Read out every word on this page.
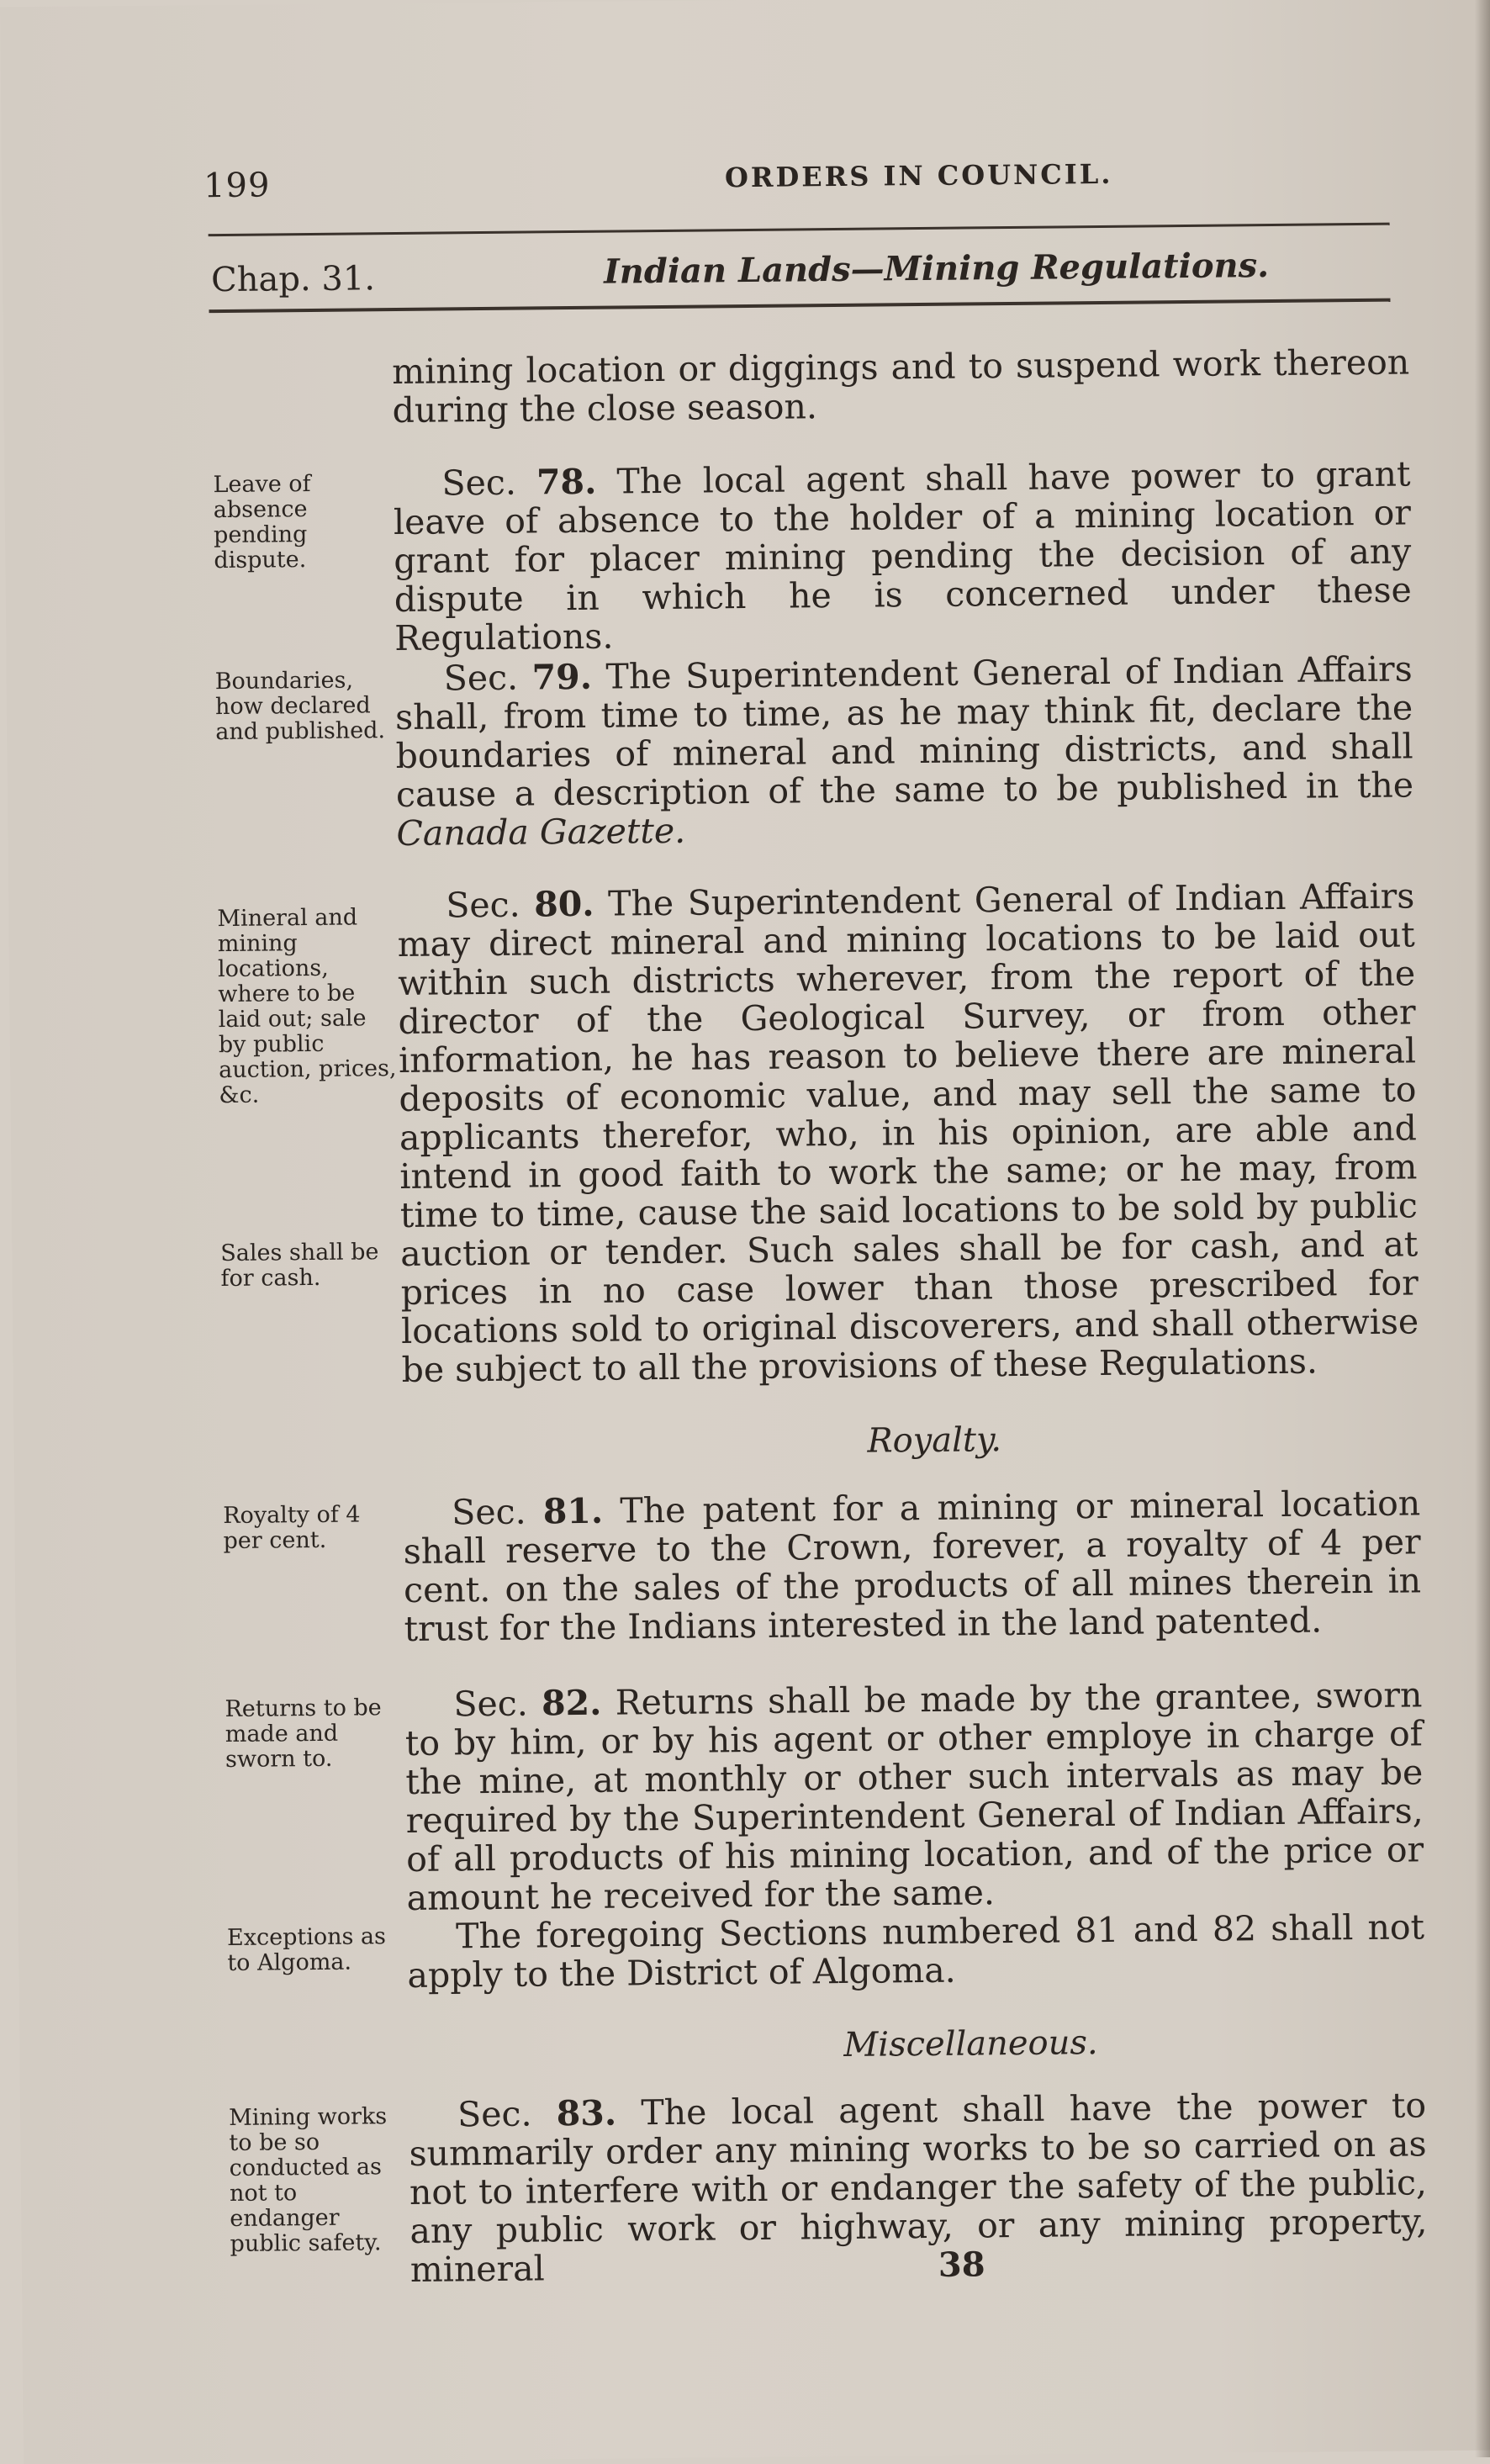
199	ORDERS IN COUNCIL.
Chap. 31.	Indian Lands—Mining Regulations.

mining location or diggings and to suspend work thereon during the close season.

Leave of absence pending dispute.

Sec. 78. The local agent shall have power to grant leave of absence to the holder of a mining location or grant for placer mining pending the decision of any dispute in which he is concerned under these Regulations.

Boundaries, how declared and published.

Sec. 79. The Superintendent General of Indian Affairs shall, from time to time, as he may think fit, declare the boundaries of mineral and mining districts, and shall cause a description of the same to be published in the Canada Gazette.

Mineral and mining locations, where to be laid out; sale by public auction, prices, &c.
Sales shall be for cash.

Sec. 80. The Superintendent General of Indian Affairs may direct mineral and mining locations to be laid out within such districts wherever, from the report of the director of the Geological Survey, or from other information, he has reason to believe there are mineral deposits of economic value, and may sell the same to applicants therefor, who, in his opinion, are able and intend in good faith to work the same; or he may, from time to time, cause the said locations to be sold by public auction or tender. Such sales shall be for cash, and at prices in no case lower than those prescribed for locations sold to original discoverers, and shall otherwise be subject to all the provisions of these Regulations.

Royalty.
Royalty of 4 per cent.

Sec. 81. The patent for a mining or mineral location shall reserve to the Crown, forever, a royalty of 4 per cent. on the sales of the products of all mines therein in trust for the Indians interested in the land patented.

Returns to be made and sworn to.

Sec. 82. Returns shall be made by the grantee, sworn to by him, or by his agent or other employe in charge of the mine, at monthly or other such intervals as may be required by the Superintendent General of Indian Affairs, of all products of his mining location, and of the price or amount he received for the same.

Exceptions as to Algoma.

The foregoing Sections numbered 81 and 82 shall not apply to the District of Algoma.

Miscellaneous.
Mining works to be so conducted as not to endanger public safety.

Sec. 83. The local agent shall have the power to summarily order any mining works to be so carried on as not to interfere with or endanger the safety of the public, any public work or highway, or any mining property, mineral	38
